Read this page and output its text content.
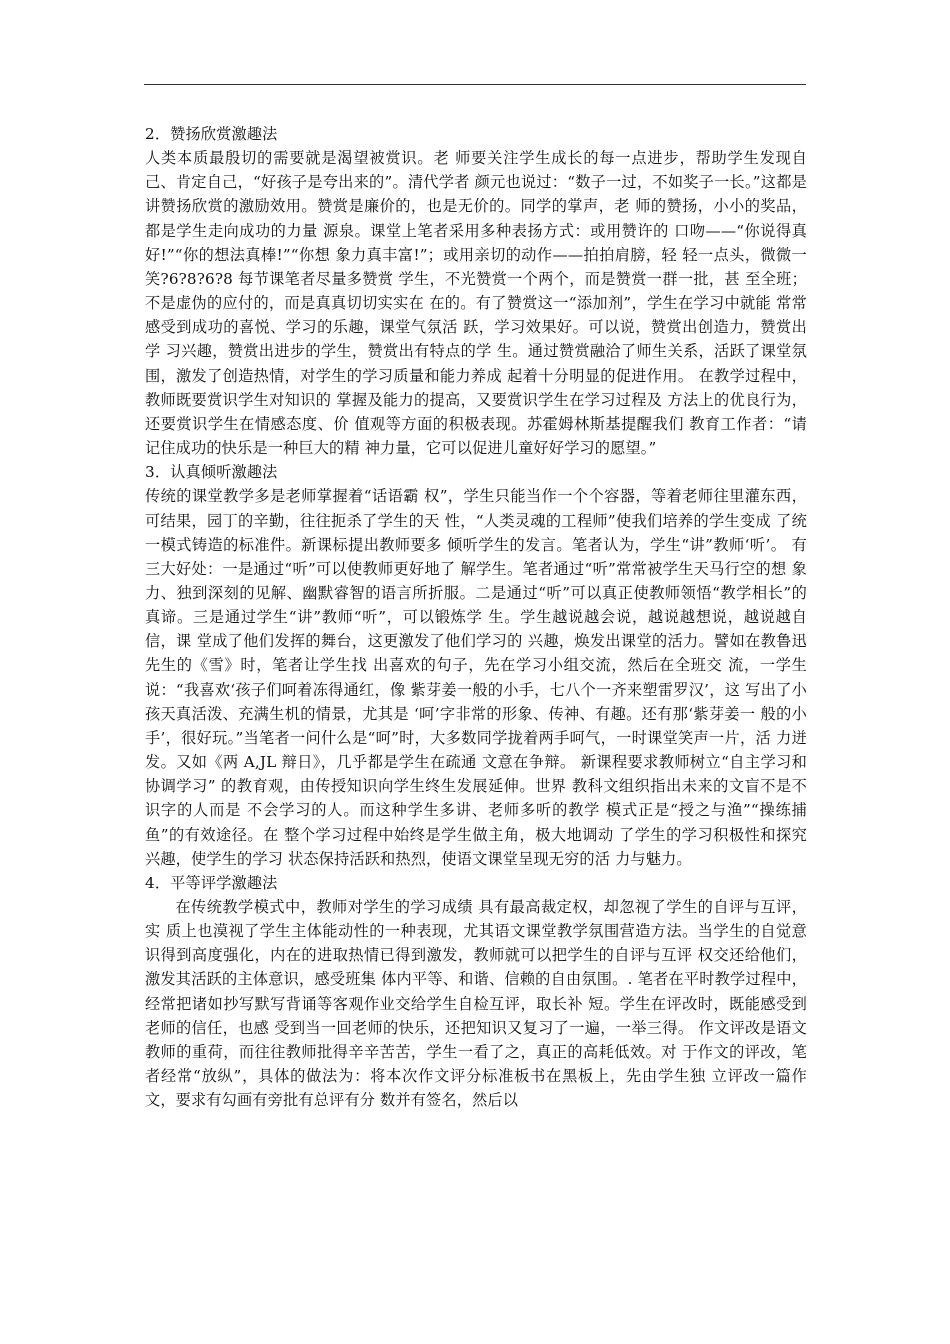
2．赞扬欣赏激趣法

人类本质最殷切的需要就是渴望被赏识。老 师要关注学生成长的每一点进步，帮助学生发现自己、肯定自己，“好孩子是夸出来的”。清代学者 颜元也说过：“数子一过，不如奖子一长。”这都是 讲赞扬欣赏的激励效用。赞赏是廉价的，也是无价的。同学的掌声，老 师的赞扬，小小的奖品，都是学生走向成功的力量 源泉。课堂上笔者采用多种表扬方式：或用赞许的 口吻——“你说得真好!”“你的想法真棒!”“你想 象力真丰富!”；或用亲切的动作——拍拍肩膀，轻 轻一点头，微微一笑?6?8?6?8 每节课笔者尽量多赞赏 学生，不光赞赏一个两个，而是赞赏一群一批，甚 至全班；不是虚伪的应付的，而是真真切切实实在 在的。有了赞赏这一“添加剂”，学生在学习中就能 常常感受到成功的喜悦、学习的乐趣，课堂气氛活 跃，学习效果好。可以说，赞赏出创造力，赞赏出学 习兴趣，赞赏出进步的学生，赞赏出有特点的学 生。通过赞赏融洽了师生关系，活跃了课堂氛围，激发了创造热情，对学生的学习质量和能力养成 起着十分明显的促进作用。 在教学过程中，教师既要赏识学生对知识的 掌握及能力的提高，又要赏识学生在学习过程及 方法上的优良行为，还要赏识学生在情感态度、价 值观等方面的积极表现。苏霍姆林斯基提醒我们 教育工作者：“请记住成功的快乐是一种巨大的精 神力量，它可以促进儿童好好学习的愿望。”

3．认真倾听激趣法

传统的课堂教学多是老师掌握着“话语霸 权”，学生只能当作一个个容器，等着老师往里灌东西，可结果，园丁的辛勤，往往扼杀了学生的天 性，“人类灵魂的工程师”使我们培养的学生变成 了统一模式铸造的标准件。新课标提出教师要多 倾听学生的发言。笔者认为，学生“讲”教师‘听’。 有三大好处：一是通过“听”可以使教师更好地了 解学生。笔者通过“听”常常被学生天马行空的想 象力、独到深刻的见解、幽默睿智的语言所折服。二是通过“听”可以真正使教师领悟“教学相长”的 真谛。三是通过学生“讲”教师“听”，可以锻炼学 生。学生越说越会说，越说越想说，越说越自信，课 堂成了他们发挥的舞台，这更激发了他们学习的 兴趣，焕发出课堂的活力。譬如在教鲁迅先生的《雪》时，笔者让学生找 出喜欢的句子，先在学习小组交流，然后在全班交 流，一学生说：“我喜欢‘孩子们呵着冻得通红，像 紫芽姜一般的小手，七八个一齐来塑雷罗汉’，这 写出了小孩天真活泼、充满生机的情景，尤其是 ‘呵’字非常的形象、传神、有趣。还有那‘紫芽姜一 般的小手’，很好玩。”当笔者一问什么是“呵”时，大多数同学拢着两手呵气，一时课堂笑声一片，活 力迸发。又如《两 A,JL 辩日》，几乎都是学生在疏通 文意在争辩。 新课程要求教师树立“自主学习和协调学习” 的教育观，由传授知识向学生终生发展延伸。世界 教科文组织指出未来的文盲不是不识字的人而是 不会学习的人。而这种学生多讲、老师多听的教学 模式正是“授之与渔”“操练捕鱼”的有效途径。在 整个学习过程中始终是学生做主角，极大地调动 了学生的学习积极性和探究兴趣，使学生的学习 状态保持活跃和热烈，使语文课堂呈现无穷的活 力与魅力。

4．平等评学激趣法

在传统教学模式中，教师对学生的学习成绩 具有最高裁定权，却忽视了学生的自评与互评，实 质上也漠视了学生主体能动性的一种表现，尤其语文课堂教学氛围营造方法。当学生的自觉意识得到高度强化，内在的进取热情已得到激发，教师就可以把学生的自评与互评 权交还给他们，激发其活跃的主体意识，感受班集 体内平等、和谐、信赖的自由氛围。. 笔者在平时教学过程中，经常把诸如抄写默写背诵等客观作业交给学生自检互评，取长补 短。学生在评改时，既能感受到老师的信任，也感 受到当一回老师的快乐，还把知识又复习了一遍，一举三得。 作文评改是语文教师的重荷，而往往教师批得辛辛苦苦，学生一看了之，真正的高耗低效。对 于作文的评改，笔者经常“放纵”，具体的做法为：将本次作文评分标准板书在黑板上，先由学生独 立评改一篇作文，要求有勾画有旁批有总评有分 数并有签名，然后以
